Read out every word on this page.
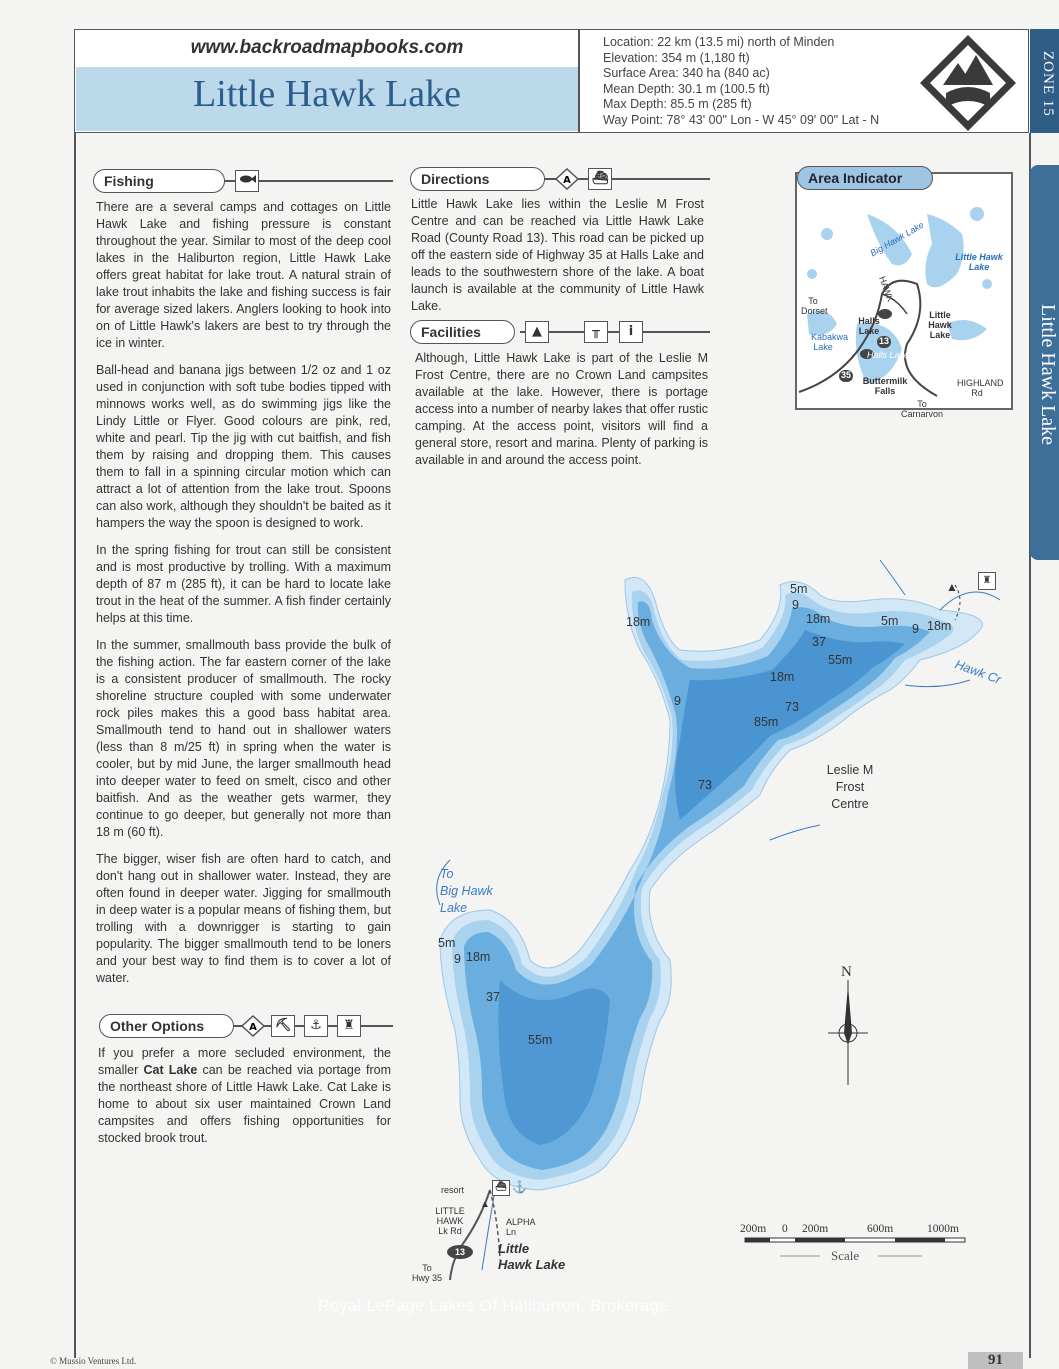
www.backroadmapbooks.com
Little Hawk Lake
Location: 22 km (13.5 mi) north of Minden
Elevation: 354 m (1,180 ft)
Surface Area: 340 ha (840 ac)
Mean Depth: 30.1 m (100.5 ft)
Max Depth: 85.5 m (285 ft)
Way Point: 78° 43' 00" Lon - W 45° 09' 00" Lat - N
ZONE 15
Little Hawk Lake
Fishing

There are a several camps and cottages on Little Hawk Lake and fishing pressure is constant throughout the year. Similar to most of the deep cool lakes in the Haliburton region, Little Hawk Lake offers great habitat for lake trout. A natural strain of lake trout inhabits the lake and fishing success is fair for average sized lakers. Anglers looking to hook into on of Little Hawk's lakers are best to try through the ice in winter.

Ball-head and banana jigs between 1/2 oz and 1 oz used in conjunction with soft tube bodies tipped with minnows works well, as do swimming jigs like the Lindy Little or Flyer. Good colours are pink, red, white and pearl. Tip the jig with cut baitfish, and fish them by raising and dropping them. This causes them to fall in a spinning circular motion which can attract a lot of attention from the lake trout. Spoons can also work, although they shouldn't be baited as it hampers the way the spoon is designed to work.

In the spring fishing for trout can still be consistent and is most productive by trolling. With a maximum depth of 87 m (285 ft), it can be hard to locate lake trout in the heat of the summer. A fish finder certainly helps at this time.

In the summer, smallmouth bass provide the bulk of the fishing action. The far eastern corner of the lake is a consistent producer of smallmouth. The rocky shoreline structure coupled with some underwater rock piles makes this a good bass habitat area. Smallmouth tend to hand out in shallower waters (less than 8 m/25 ft) in spring when the water is cooler, but by mid June, the larger smallmouth head into deeper water to feed on smelt, cisco and other baitfish. And as the weather gets warmer, they continue to go deeper, but generally not more than 18 m (60 ft).

The bigger, wiser fish are often hard to catch, and don't hang out in shallower water. Instead, they are often found in deeper water. Jigging for smallmouth in deep water is a popular means of fishing them, but trolling with a downrigger is starting to gain popularity. The bigger smallmouth tend to be loners and your best way to find them is to cover a lot of water.

Other Options	A ⛏	⚓	♜
If you prefer a more secluded environment, the smaller Cat Lake can be reached via portage from the northeast shore of Little Hawk Lake. Cat Lake is home to about six user maintained Crown Land campsites and offers fishing opportunities for stocked brook trout.
Directions	A ⛴
Little Hawk Lake lies within the Leslie M Frost Centre and can be reached via Little Hawk Lake Road (County Road 13). This road can be picked up off the eastern side of Highway 35 at Halls Lake and leads to the southwestern shore of the lake. A boat launch is available at the community of Little Hawk Lake.
Facilities	▲	╥	i
Although, Little Hawk Lake is part of the Leslie M Frost Centre, there are no Crown Land campsites available at the lake. However, there is portage access into a number of nearby lakes that offer rustic camping. At the access point, visitors will find a general store, resort and marina. Plenty of parking is available in and around the access point.
Little Hawk Lake
Big Hawk Lake
Halls Lake
Little Hawk Lake
Kabakwa Lake
Halls Lake
Buttermilk Falls
HIGHLAND Rd
To Dorset
To Carnarvon
HAWK
35
13
Area Indicator
18m
5m
9
18m
37
5m
9 18m
55m
18m
9	73
85m
73
5m
9 18m
37
55m
Hawk Cr
Leslie M
Frost
Centre
To
Big Hawk
Lake
resort
LITTLE
HAWK
Lk Rd
ALPHA
Ln
To
Hwy 35
13	Little
Hawk Lake
N
200m 0 200m	600m	1000m
Scale
♜
▲
⛴ ⚓
▲
© Mussio Ventures Ltd.	91
Royal LePage Lakes Of Haliburton, Brokerage
